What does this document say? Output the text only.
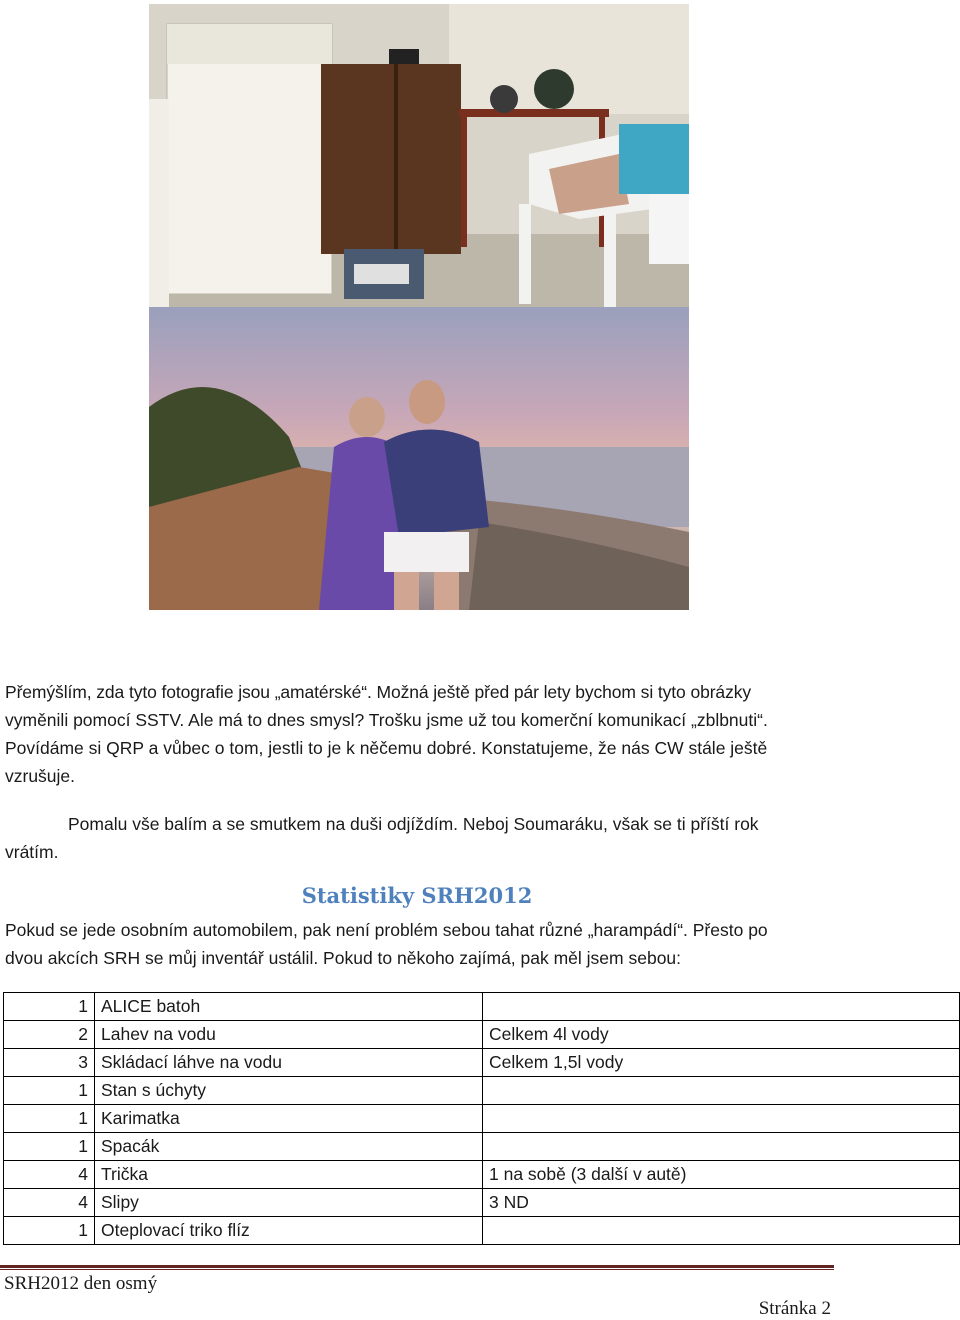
Přemýšlím, zda tyto fotografie jsou „amatérské“. Možná ještě před pár lety bychom si tyto obrázky
vyměnili pomocí SSTV. Ale má to dnes smysl? Trošku jsme už tou komerční komunikací „zblbnuti“.
Povídáme si QRP a vůbec o tom, jestli to je k něčemu dobré. Konstatujeme, že nás CW stále ještě
vzrušuje.
Pomalu vše balím a se smutkem na duši odjíždím. Neboj Soumaráku, však se ti příští rok
vrátím.
Statistiky SRH2012
Pokud se jede osobním automobilem, pak není problém sebou tahat různé „harampádí“. Přesto po
dvou akcích SRH se můj inventář ustálil. Pokud to někoho zajímá, pak měl jsem sebou:
1	ALICE batoh	
2	Lahev na vodu	Celkem 4l vody
3	Skládací láhve na vodu	Celkem 1,5l vody
1	Stan s úchyty	
1	Karimatka	
1	Spacák	
4	Trička	1 na sobě (3 další v autě)
4	Slipy	3 ND
1	Oteplovací triko flíz	
SRH2012 den osmý
Stránka 2
